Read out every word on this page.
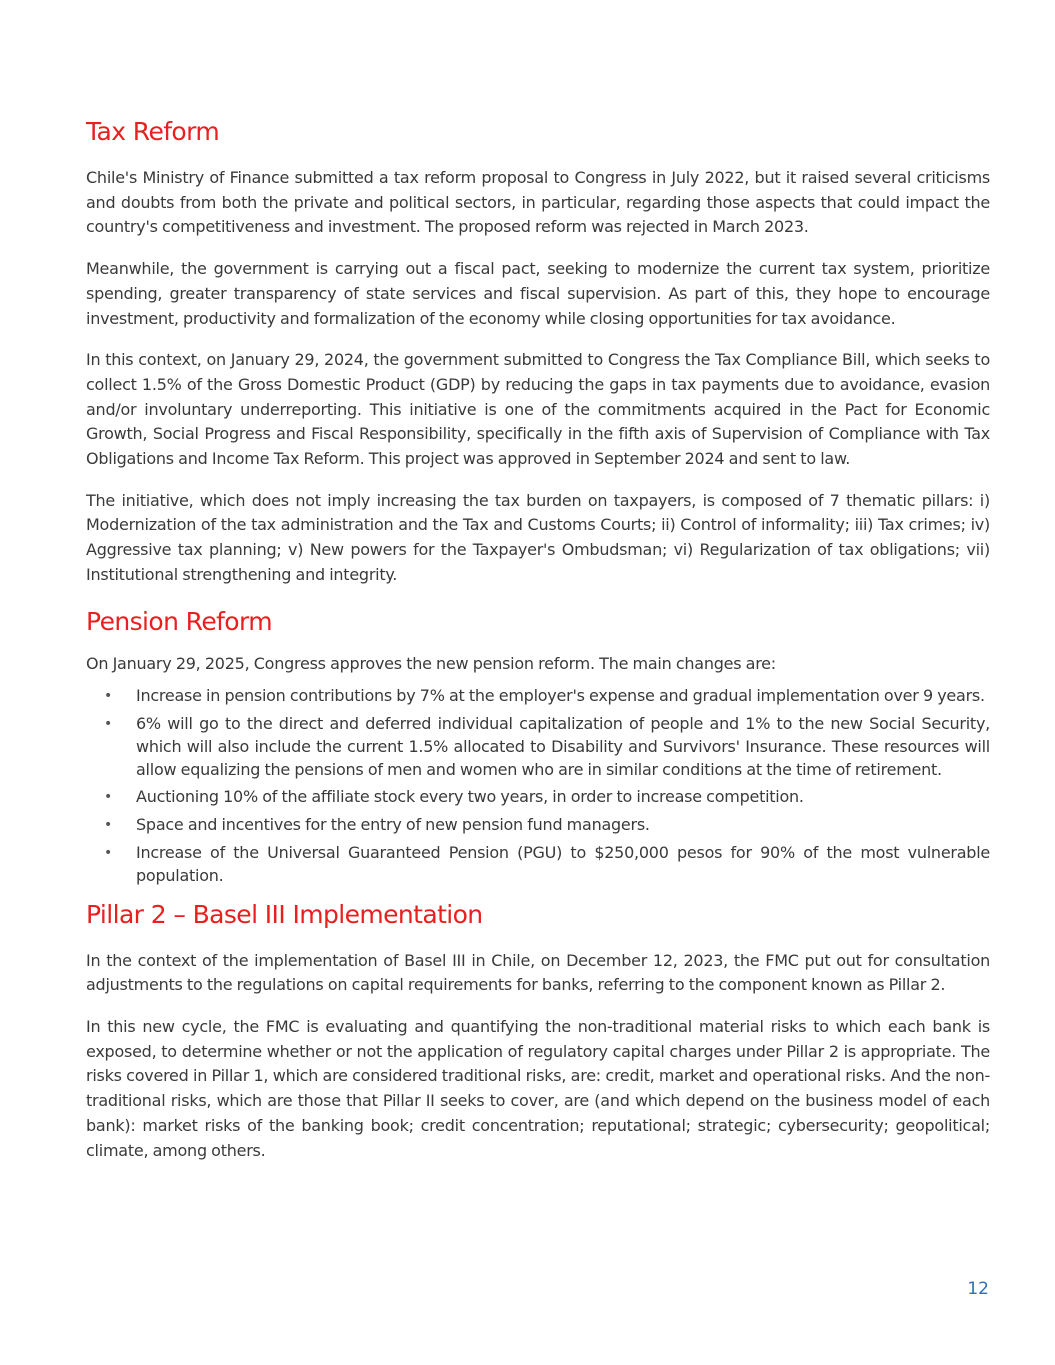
Tax Reform

Chile's Ministry of Finance submitted a tax reform proposal to Congress in July 2022, but it raised several criticisms and doubts from both the private and political sectors, in particular, regarding those aspects that could impact the country's competitiveness and investment. The proposed reform was rejected in March 2023.

Meanwhile, the government is carrying out a fiscal pact, seeking to modernize the current tax system, prioritize spending, greater transparency of state services and fiscal supervision. As part of this, they hope to encourage investment, productivity and formalization of the economy while closing opportunities for tax avoidance.

In this context, on January 29, 2024, the government submitted to Congress the Tax Compliance Bill, which seeks to collect 1.5% of the Gross Domestic Product (GDP) by reducing the gaps in tax payments due to avoidance, evasion and/or involuntary underreporting. This initiative is one of the commitments acquired in the Pact for Economic Growth, Social Progress and Fiscal Responsibility, specifically in the fifth axis of Supervision of Compliance with Tax Obligations and Income Tax Reform. This project was approved in September 2024 and sent to law.

The initiative, which does not imply increasing the tax burden on taxpayers, is composed of 7 thematic pillars: i) Modernization of the tax administration and the Tax and Customs Courts; ii) Control of informality; iii) Tax crimes; iv) Aggressive tax planning; v) New powers for the Taxpayer's Ombudsman; vi) Regularization of tax obligations; vii) Institutional strengthening and integrity.

Pension Reform

On January 29, 2025, Congress approves the new pension reform. The main changes are:

• Increase in pension contributions by 7% at the employer's expense and gradual implementation over 9 years.
• 6% will go to the direct and deferred individual capitalization of people and 1% to the new Social Security, which will also include the current 1.5% allocated to Disability and Survivors' Insurance. These resources will allow equalizing the pensions of men and women who are in similar conditions at the time of retirement.
• Auctioning 10% of the affiliate stock every two years, in order to increase competition.
• Space and incentives for the entry of new pension fund managers.
• Increase of the Universal Guaranteed Pension (PGU) to $250,000 pesos for 90% of the most vulnerable population.
Pillar 2 – Basel III Implementation

In the context of the implementation of Basel III in Chile, on December 12, 2023, the FMC put out for consultation adjustments to the regulations on capital requirements for banks, referring to the component known as Pillar 2.

In this new cycle, the FMC is evaluating and quantifying the non-traditional material risks to which each bank is exposed, to determine whether or not the application of regulatory capital charges under Pillar 2 is appropriate. The risks covered in Pillar 1, which are considered traditional risks, are: credit, market and operational risks. And the non-traditional risks, which are those that Pillar II seeks to cover, are (and which depend on the business model of each bank): market risks of the banking book; credit concentration; reputational; strategic; cybersecurity; geopolitical; climate, among others.

12
